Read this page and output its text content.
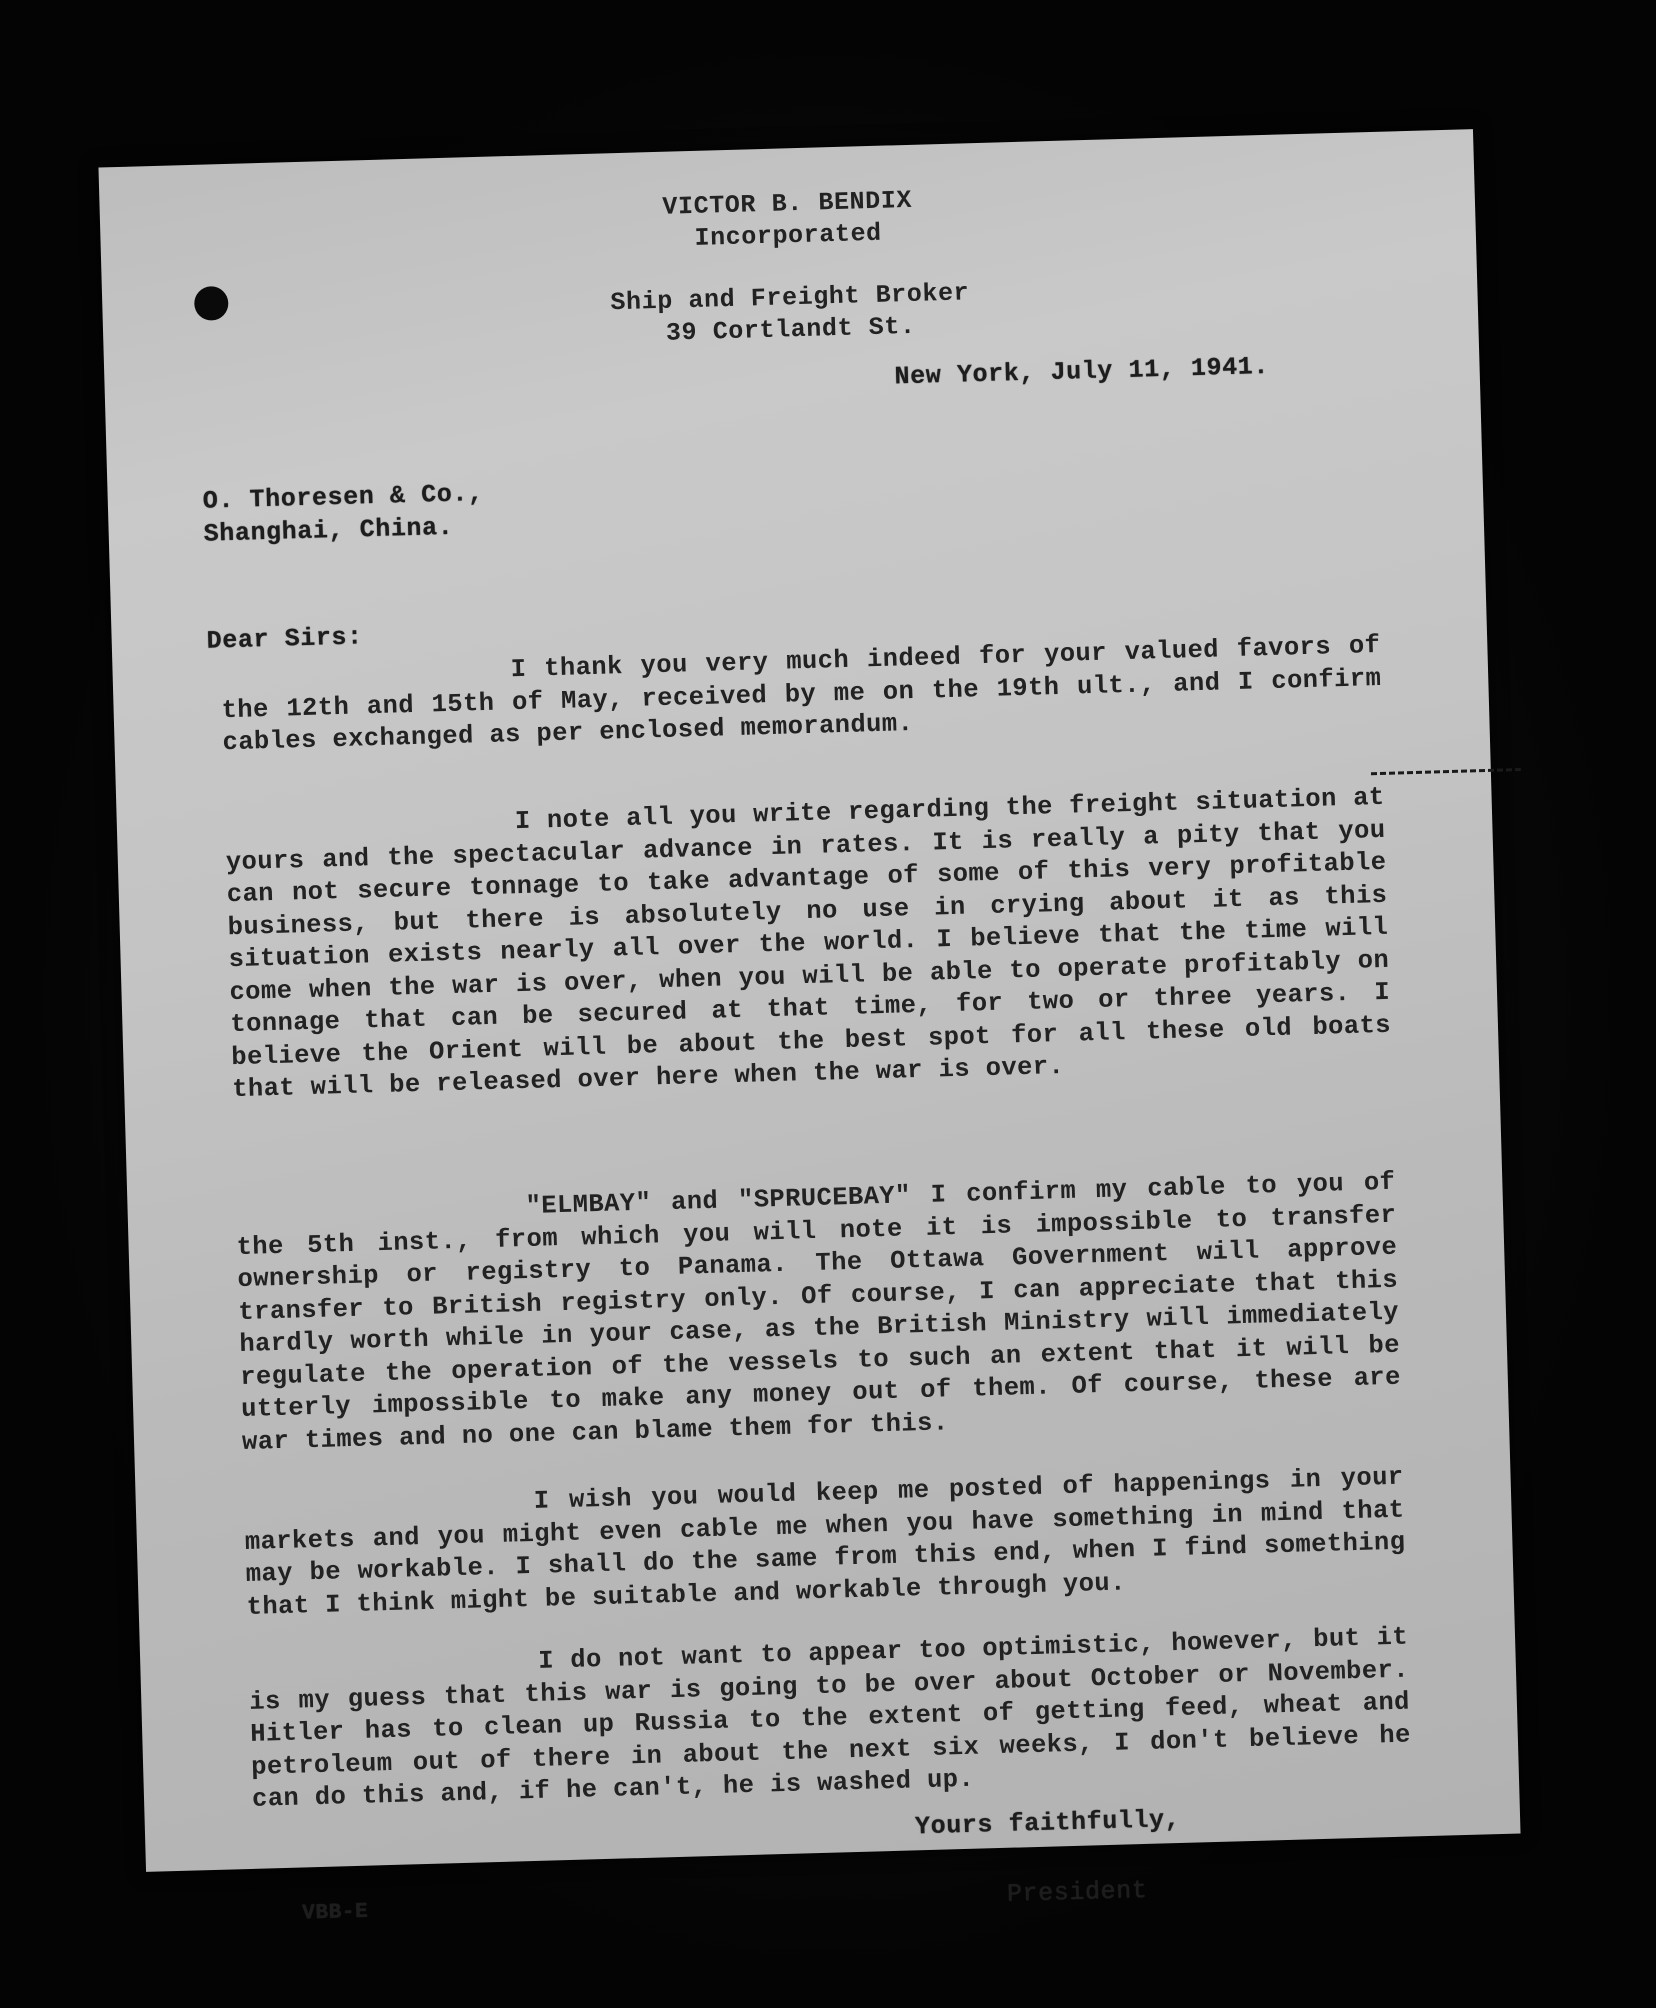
VICTOR B. BENDIX
Incorporated
Ship and Freight Broker
39 Cortlandt St.
New York, July 11, 1941.
O. Thoresen & Co.,
Shanghai, China.
Dear Sirs:	I thank you very much indeed for your valued favors of the 12th and 15th of May, received by me on the 19th ult., and I confirm cables exchanged as per enclosed memorandum.
I note all you write regarding the freight situation at yours and the spectacular advance in rates. It is really a pity that you can not secure tonnage to take advantage of some of this very profitable business, but there is absolutely no use in crying about it as this situation exists nearly all over the world. I believe that the time will come when the war is over, when you will be able to operate profitably on tonnage that can be secured at that time, for two or three years. I believe the Orient will be about the best spot for all these old boats that will be released over here when the war is over.
"ELMBAY" and "SPRUCEBAY" I confirm my cable to you of the 5th inst., from which you will note it is impossible to transfer ownership or registry to Panama. The Ottawa Government will approve transfer to British registry only. Of course, I can appreciate that this hardly worth while in your case, as the British Ministry will immediately regulate the operation of the vessels to such an extent that it will be utterly impossible to make any money out of them. Of course, these are war times and no one can blame them for this.
I wish you would keep me posted of happenings in your markets and you might even cable me when you have something in mind that may be workable. I shall do the same from this end, when I find something that I think might be suitable and workable through you.
I do not want to appear too optimistic, however, but it is my guess that this war is going to be over about October or November. Hitler has to clean up Russia to the extent of getting feed, wheat and petroleum out of there in about the next six weeks, I don't believe he can do this and, if he can't, he is washed up.
Yours faithfully,
President
VBB-E
